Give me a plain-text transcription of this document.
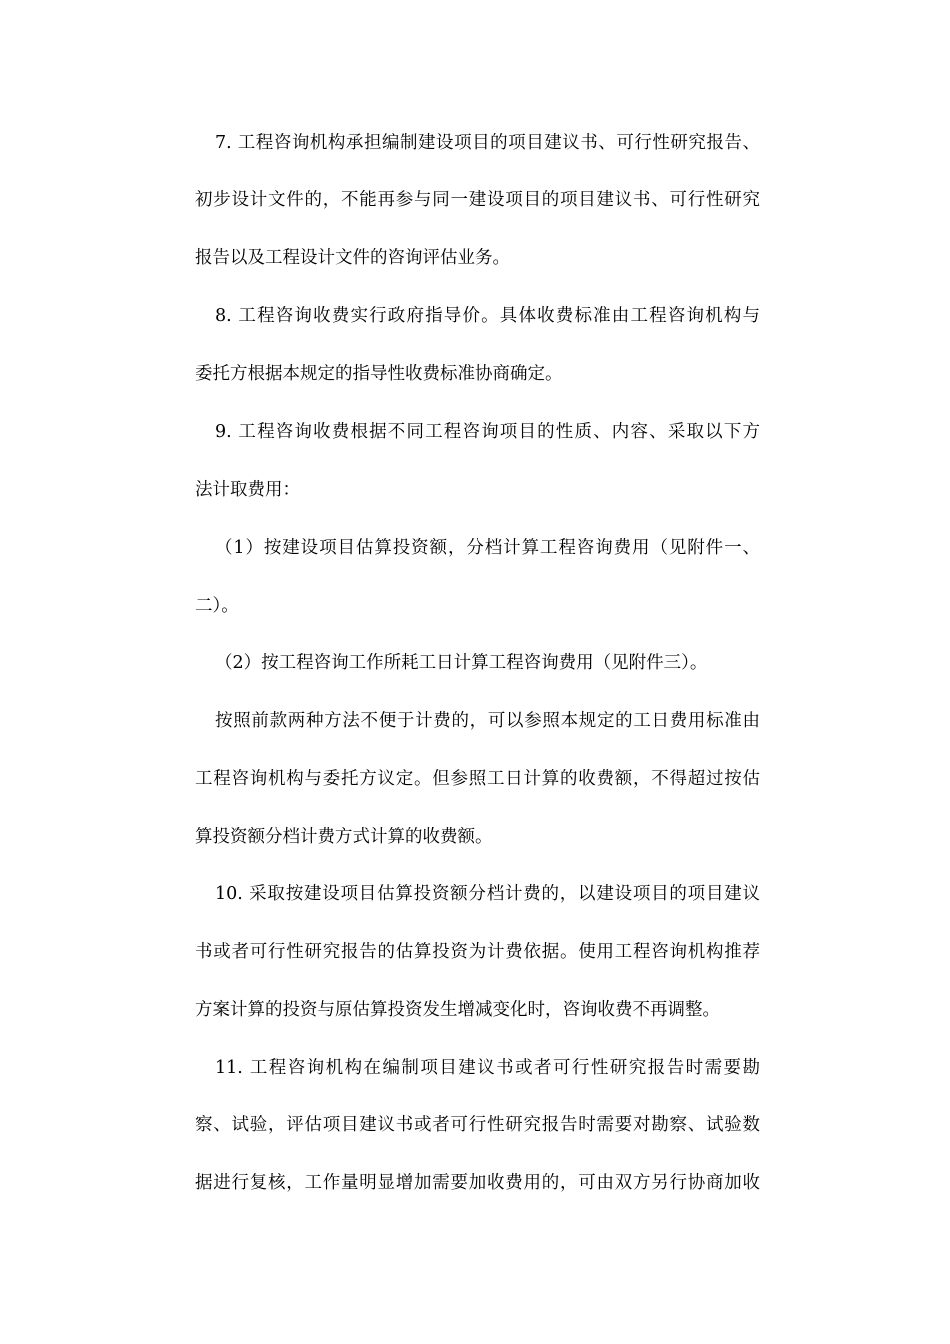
7. 工程咨询机构承担编制建设项目的项目建议书、可行性研究报告、
初步设计文件的，不能再参与同一建设项目的项目建议书、可行性研究
报告以及工程设计文件的咨询评估业务。
8. 工程咨询收费实行政府指导价。具体收费标准由工程咨询机构与
委托方根据本规定的指导性收费标准协商确定。
9. 工程咨询收费根据不同工程咨询项目的性质、内容、采取以下方
法计取费用：
（1）按建设项目估算投资额，分档计算工程咨询费用（见附件一、
二）。
（2）按工程咨询工作所耗工日计算工程咨询费用（见附件三）。
按照前款两种方法不便于计费的，可以参照本规定的工日费用标准由
工程咨询机构与委托方议定。但参照工日计算的收费额，不得超过按估
算投资额分档计费方式计算的收费额。
10. 采取按建设项目估算投资额分档计费的，以建设项目的项目建议
书或者可行性研究报告的估算投资为计费依据。使用工程咨询机构推荐
方案计算的投资与原估算投资发生增减变化时，咨询收费不再调整。
11. 工程咨询机构在编制项目建议书或者可行性研究报告时需要勘
察、试验，评估项目建议书或者可行性研究报告时需要对勘察、试验数
据进行复核，工作量明显增加需要加收费用的，可由双方另行协商加收
